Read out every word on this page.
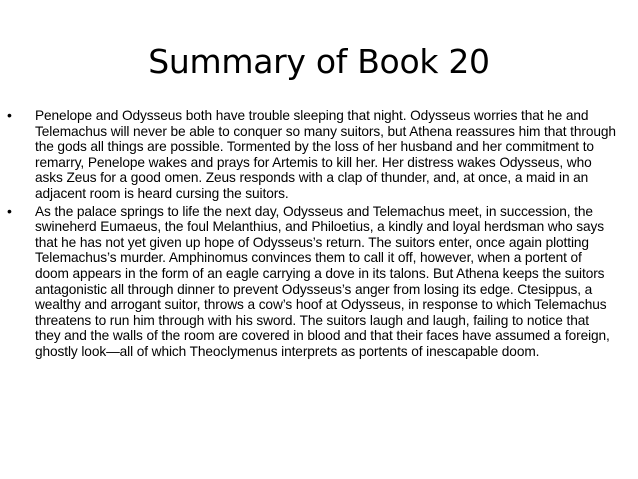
Summary of Book 20
• Penelope and Odysseus both have trouble sleeping that night. Odysseus worries that he and Telemachus will never be able to conquer so many suitors, but Athena reassures him that through the gods all things are possible. Tormented by the loss of her husband and her commitment to remarry, Penelope wakes and prays for Artemis to kill her. Her distress wakes Odysseus, who asks Zeus for a good omen. Zeus responds with a clap of thunder, and, at once, a maid in an adjacent room is heard cursing the suitors.
• As the palace springs to life the next day, Odysseus and Telemachus meet, in succession, the swineherd Eumaeus, the foul Melanthius, and Philoetius, a kindly and loyal herdsman who says that he has not yet given up hope of Odysseus’s return. The suitors enter, once again plotting Telemachus’s murder. Amphinomus convinces them to call it off, however, when a portent of doom appears in the form of an eagle carrying a dove in its talons. But Athena keeps the suitors antagonistic all through dinner to prevent Odysseus’s anger from losing its edge. Ctesippus, a wealthy and arrogant suitor, throws a cow’s hoof at Odysseus, in response to which Telemachus threatens to run him through with his sword. The suitors laugh and laugh, failing to notice that they and the walls of the room are covered in blood and that their faces have assumed a foreign, ghostly look—all of which Theoclymenus interprets as portents of inescapable doom.
